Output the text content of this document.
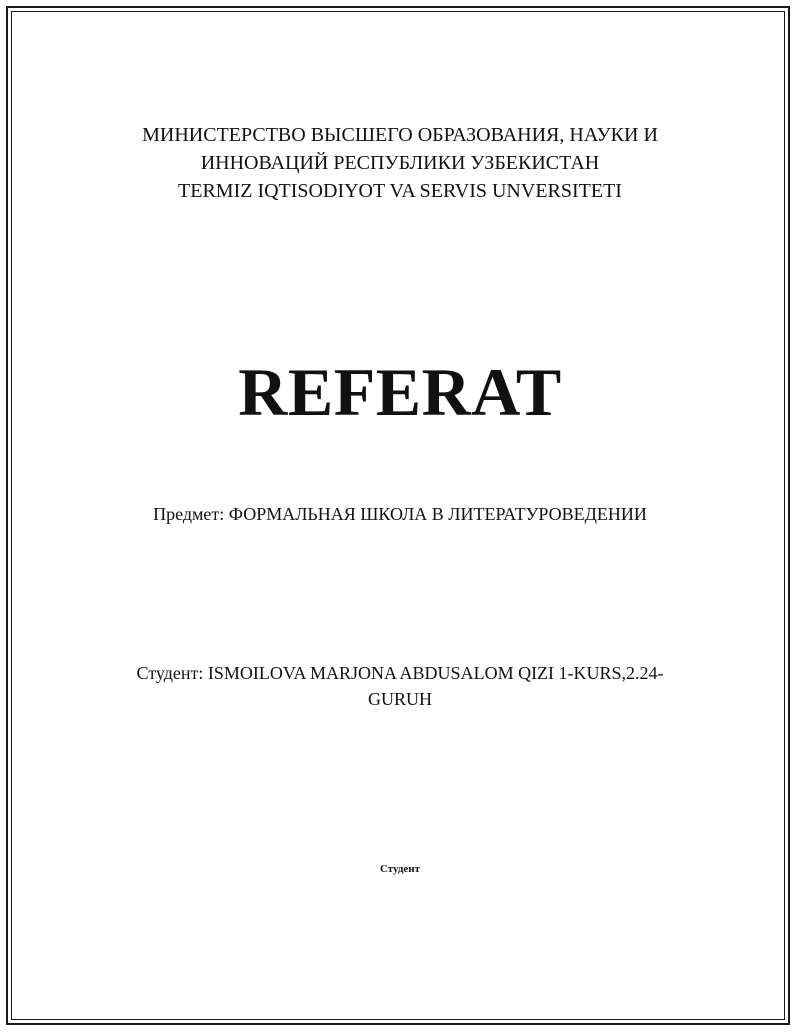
МИНИСТЕРСТВО ВЫСШЕГО ОБРАЗОВАНИЯ, НАУКИ И
ИННОВАЦИЙ РЕСПУБЛИКИ УЗБЕКИСТАН
TERMIZ IQTISODIYOT VA SERVIS UNVERSITETI
REFERAT
Предмет: ФОРМАЛЬНАЯ ШКОЛА В ЛИТЕРАТУРОВЕДЕНИИ
Студент: ISMOILOVA MARJONA ABDUSALOM QIZI 1-KURS,2.24-
GURUH
Студент
